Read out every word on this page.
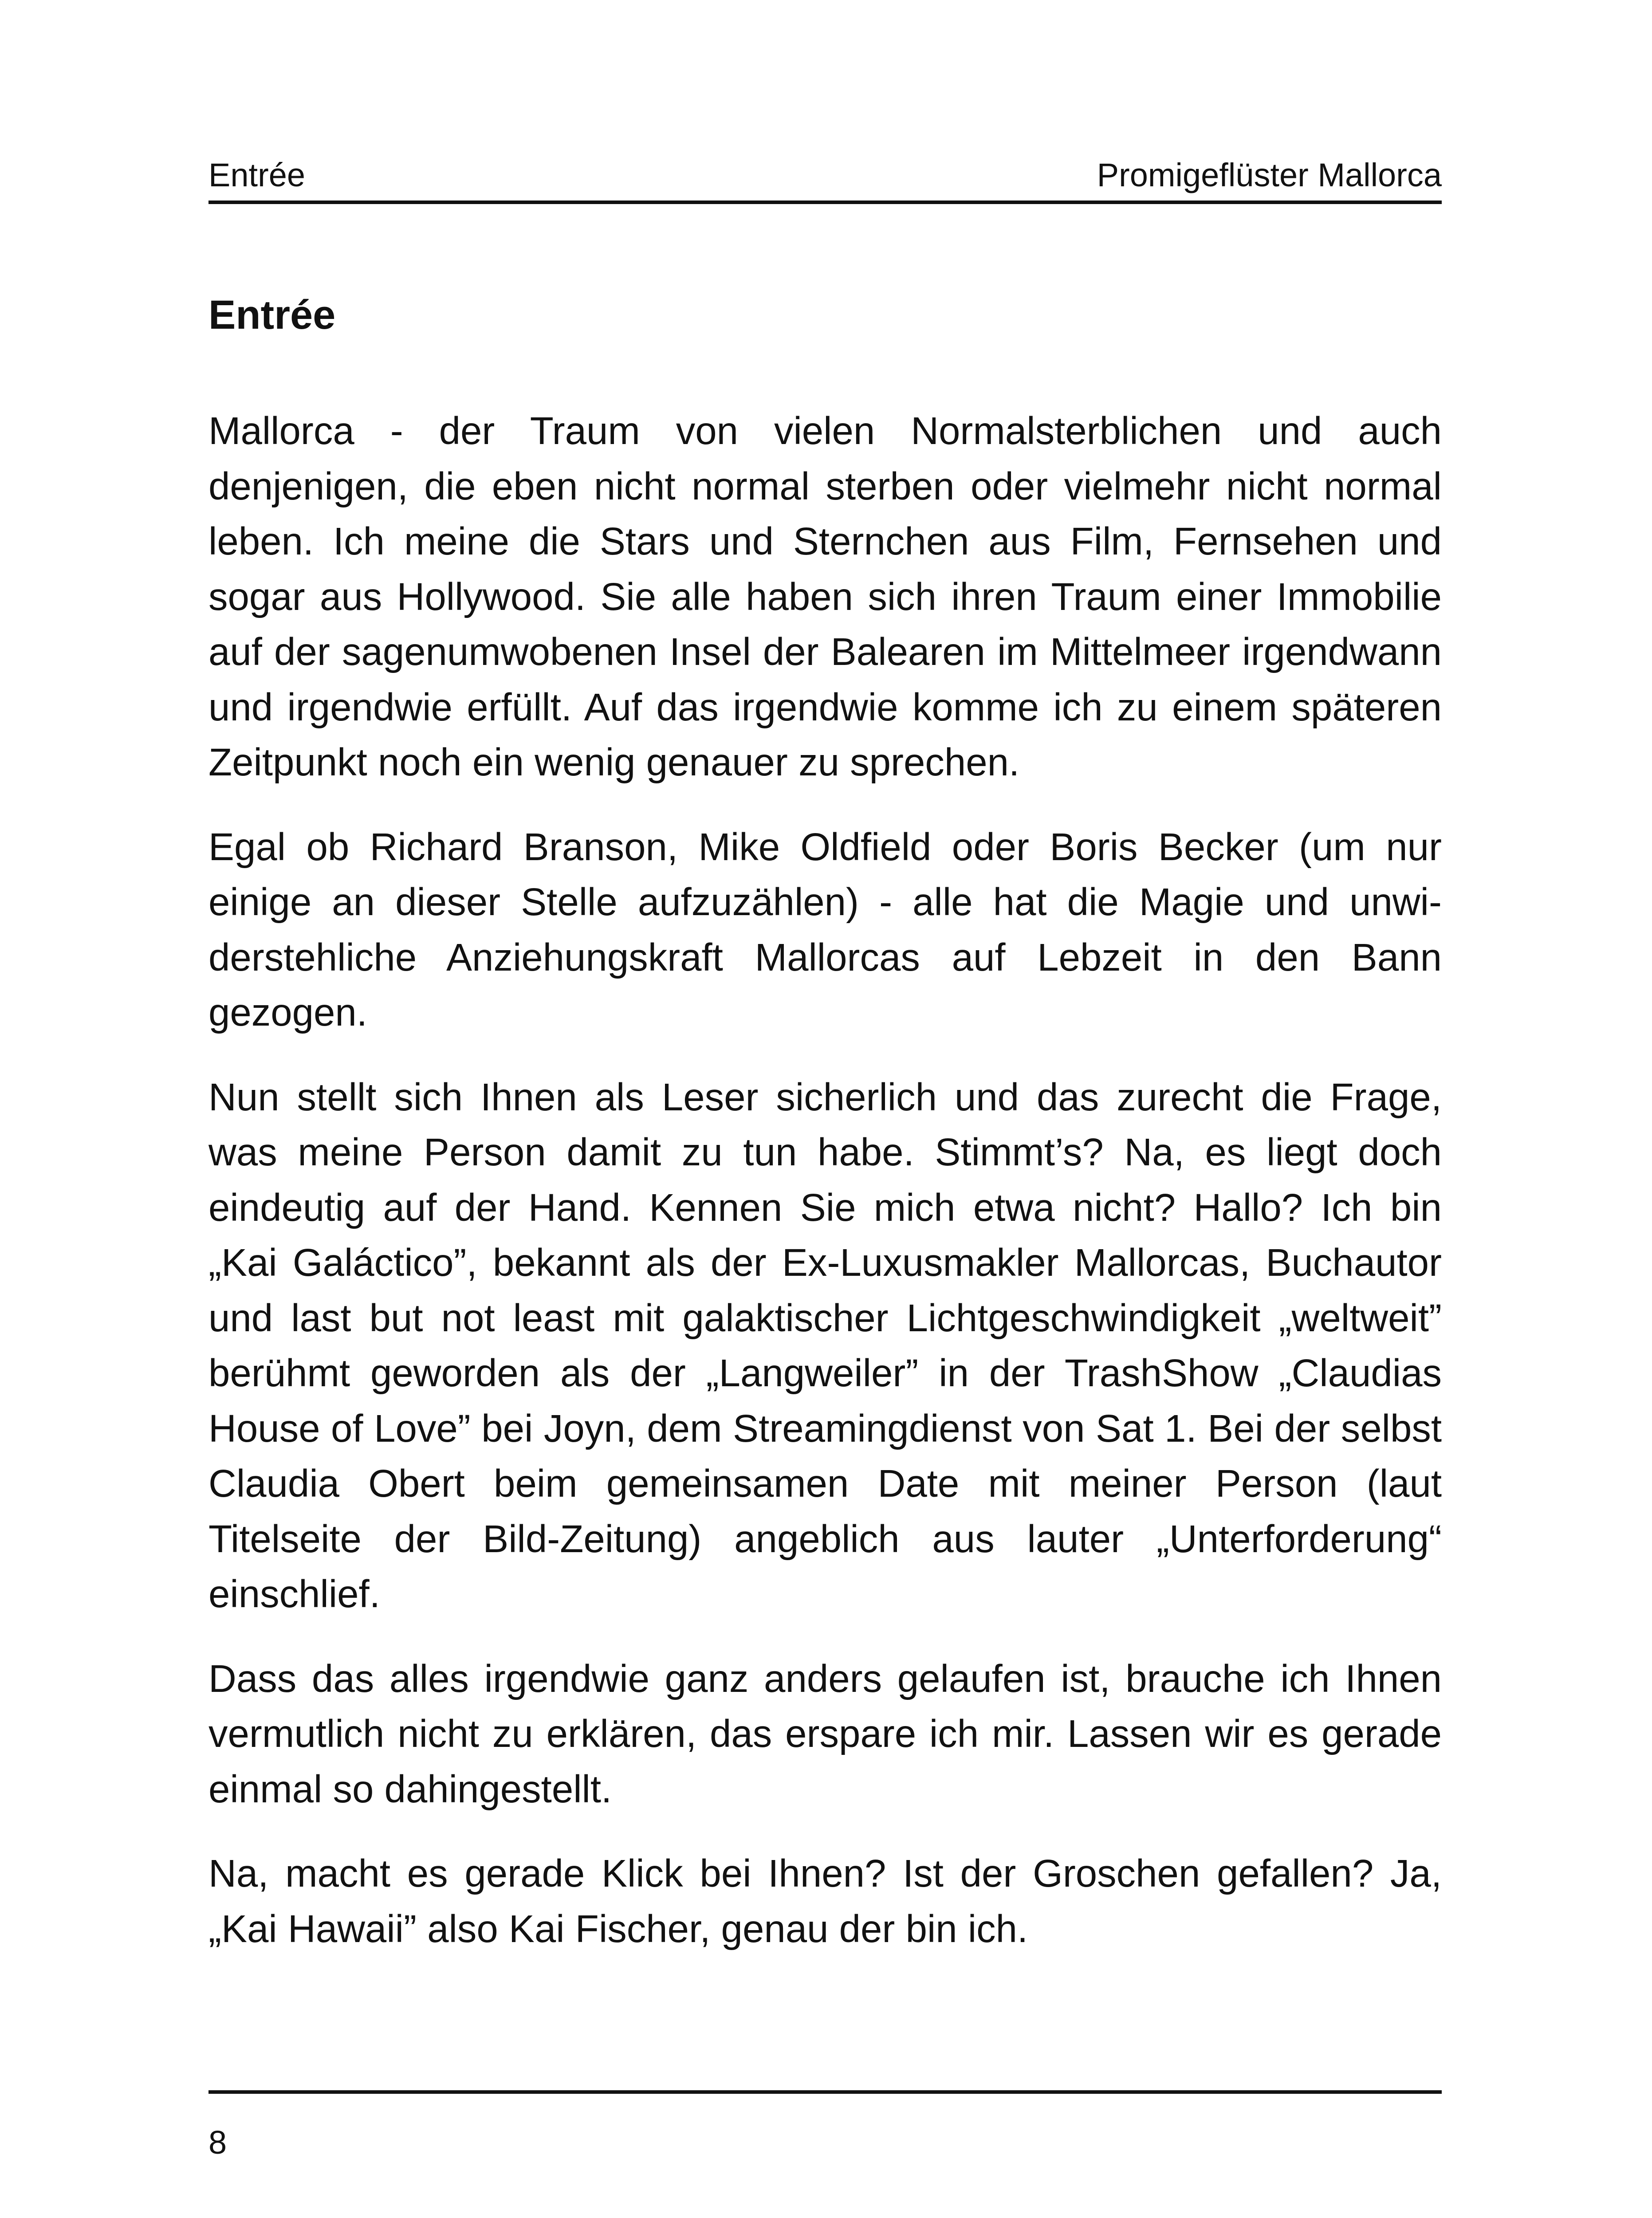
Entrée	Promigeflüster Mallorca
Entrée

Mallorca - der Traum von vielen Normalsterblichen und auch denjenigen, die eben nicht normal sterben oder vielmehr nicht normal leben. Ich meine die Stars und Sternchen aus Film, Fernsehen und sogar aus Hollywood. Sie alle haben sich ihren Traum einer Immobilie auf der sagenumwobenen Insel der Balearen im Mittelmeer irgendwann und irgendwie erfüllt. Auf das irgendwie komme ich zu einem späteren Zeitpunkt noch ein wenig genauer zu sprechen.

Egal ob Richard Branson, Mike Oldfield oder Boris Becker (um nur einige an dieser Stelle aufzuzählen) - alle hat die Magie und unwiderstehliche Anziehungskraft Mallorcas auf Lebzeit in den Bann gezogen.

Nun stellt sich Ihnen als Leser sicherlich und das zurecht die Frage, was meine Person damit zu tun habe. Stimmt’s? Na, es liegt doch eindeutig auf der Hand. Kennen Sie mich etwa nicht? Hallo? Ich bin „Kai Galáctico”, bekannt als der Ex-Luxusmakler Mallorcas, Buchautor und last but not least mit galaktischer Lichtgeschwindigkeit „weltweit” berühmt geworden als der „Langweiler” in der TrashShow „Claudias House of Love” bei Joyn, dem Streamingdienst von Sat 1. Bei der selbst Claudia Obert beim gemeinsamen Date mit meiner Person (laut Titelseite der Bild-Zeitung) angeblich aus lauter „Unterforderung“ einschlief.

Dass das alles irgendwie ganz anders gelaufen ist, brauche ich Ihnen vermutlich nicht zu erklären, das erspare ich mir. Lassen wir es gerade einmal so dahingestellt.

Na, macht es gerade Klick bei Ihnen? Ist der Groschen gefallen? Ja, „Kai Hawaii” also Kai Fischer, genau der bin ich.

8
